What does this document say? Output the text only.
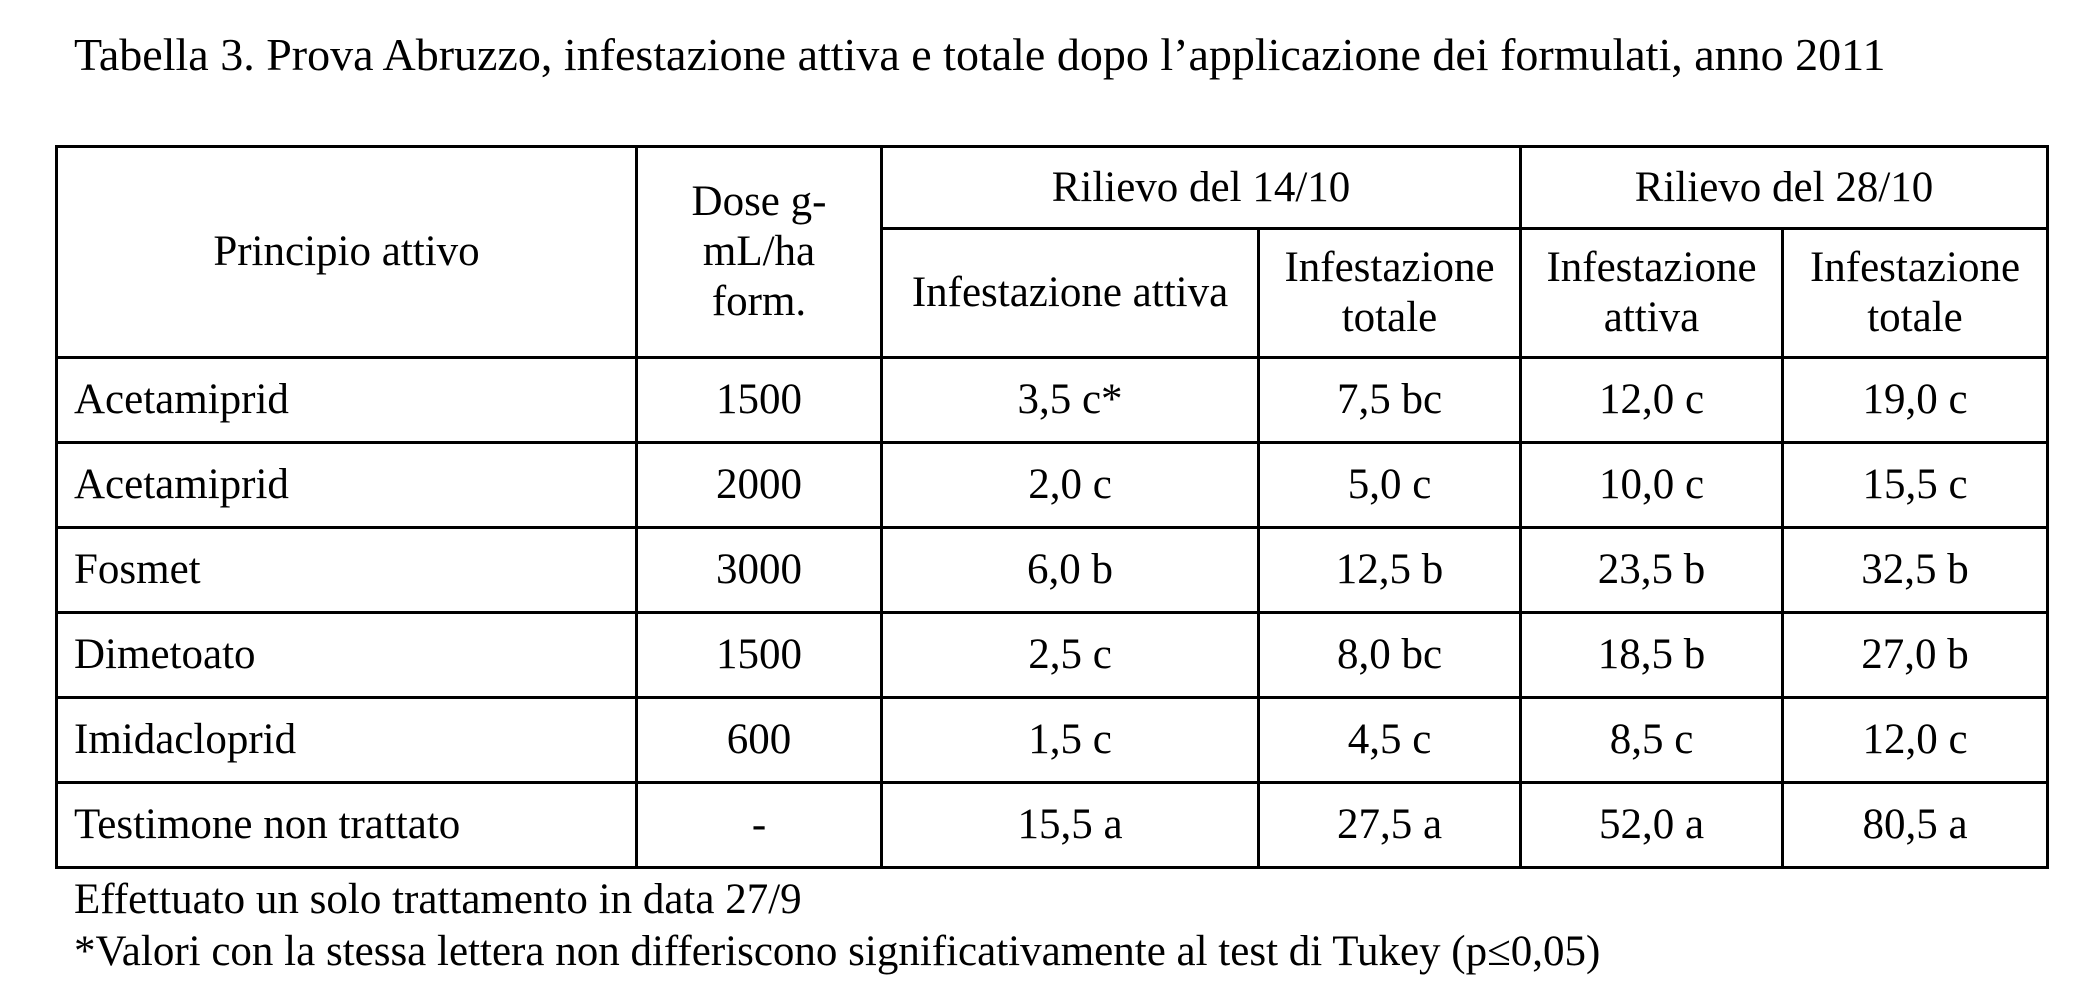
Tabella 3. Prova Abruzzo, infestazione attiva e totale dopo l’applicazione dei formulati, anno 2011
Principio attivo	Dose g-mL/ha form.	Rilievo del 14/10		Rilievo del 28/10	
		Infestazione attiva	Infestazione totale	Infestazione attiva	Infestazione totale
Acetamiprid	1500	3,5 c*	7,5 bc	12,0 c	19,0 c
Acetamiprid	2000	2,0 c	5,0 c	10,0 c	15,5 c
Fosmet	3000	6,0 b	12,5 b	23,5 b	32,5 b
Dimetoato	1500	2,5 c	8,0 bc	18,5 b	27,0 b
Imidacloprid	600	1,5 c	4,5 c	8,5 c	12,0 c
Testimone non trattato	-	15,5 a	27,5 a	52,0 a	80,5 a
Effettuato un solo trattamento in data 27/9
*Valori con la stessa lettera non differiscono significativamente al test di Tukey (p≤0,05)
